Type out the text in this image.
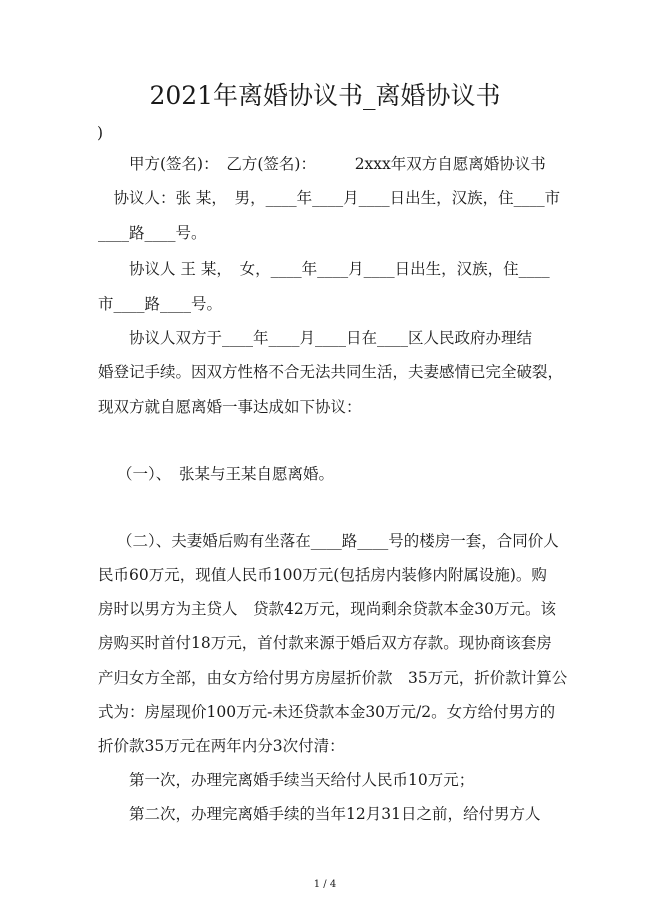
2021年离婚协议书_离婚协议书
)
　　甲方(签名)：　乙方(签名)：　　　2xxx年双方自愿离婚协议书
　协议人：张 某，　男，____年____月____日出生，汉族，住____市
____路____号。
　　协议人 王 某，　女，____年____月____日出生，汉族，住____
市____路____号。
　　协议人双方于____年____月____日在____区人民政府办理结
婚登记手续。因双方性格不合无法共同生活，夫妻感情已完全破裂，
现双方就自愿离婚一事达成如下协议：
（一）、　张某与王某自愿离婚。
（二）、夫妻婚后购有坐落在____路____号的楼房一套，合同价人
民币60万元，现值人民币100万元(包括房内装修内附属设施)。购
房时以男方为主贷人　贷款42万元，现尚剩余贷款本金30万元。该
房购买时首付18万元，首付款来源于婚后双方存款。现协商该套房
产归女方全部，由女方给付男方房屋折价款　35万元，折价款计算公
式为：房屋现价100万元-未还贷款本金30万元/2。女方给付男方的
折价款35万元在两年内分3次付清：
　　第一次，办理完离婚手续当天给付人民币10万元；
　　第二次，办理完离婚手续的当年12月31日之前，给付男方人
1 / 4
